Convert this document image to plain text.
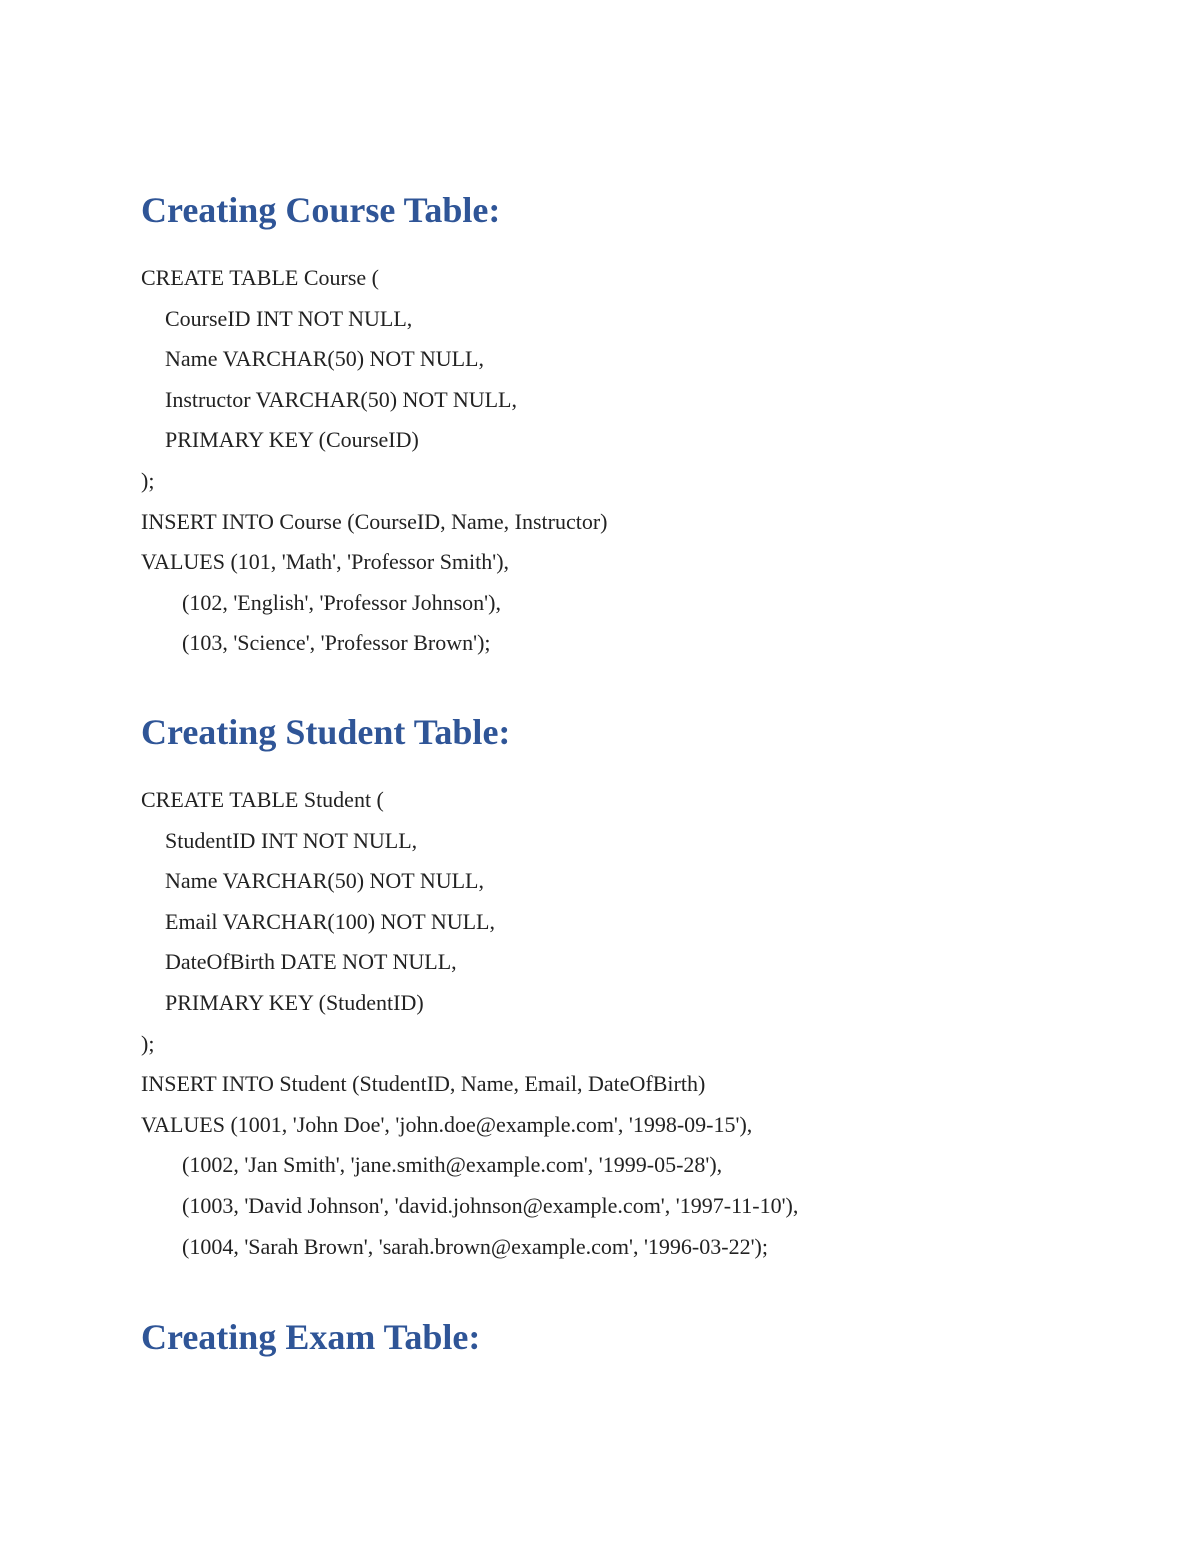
Creating Course Table:
CREATE TABLE Course (
CourseID INT NOT NULL,
Name VARCHAR(50) NOT NULL,
Instructor VARCHAR(50) NOT NULL,
PRIMARY KEY (CourseID)
);
INSERT INTO Course (CourseID, Name, Instructor)
VALUES (101, 'Math', 'Professor Smith'),
(102, 'English', 'Professor Johnson'),
(103, 'Science', 'Professor Brown');
Creating Student Table:
CREATE TABLE Student (
StudentID INT NOT NULL,
Name VARCHAR(50) NOT NULL,
Email VARCHAR(100) NOT NULL,
DateOfBirth DATE NOT NULL,
PRIMARY KEY (StudentID)
);
INSERT INTO Student (StudentID, Name, Email, DateOfBirth)
VALUES (1001, 'John Doe', 'john.doe@example.com', '1998-09-15'),
(1002, 'Jan Smith', 'jane.smith@example.com', '1999-05-28'),
(1003, 'David Johnson', 'david.johnson@example.com', '1997-11-10'),
(1004, 'Sarah Brown', 'sarah.brown@example.com', '1996-03-22');
Creating Exam Table:
